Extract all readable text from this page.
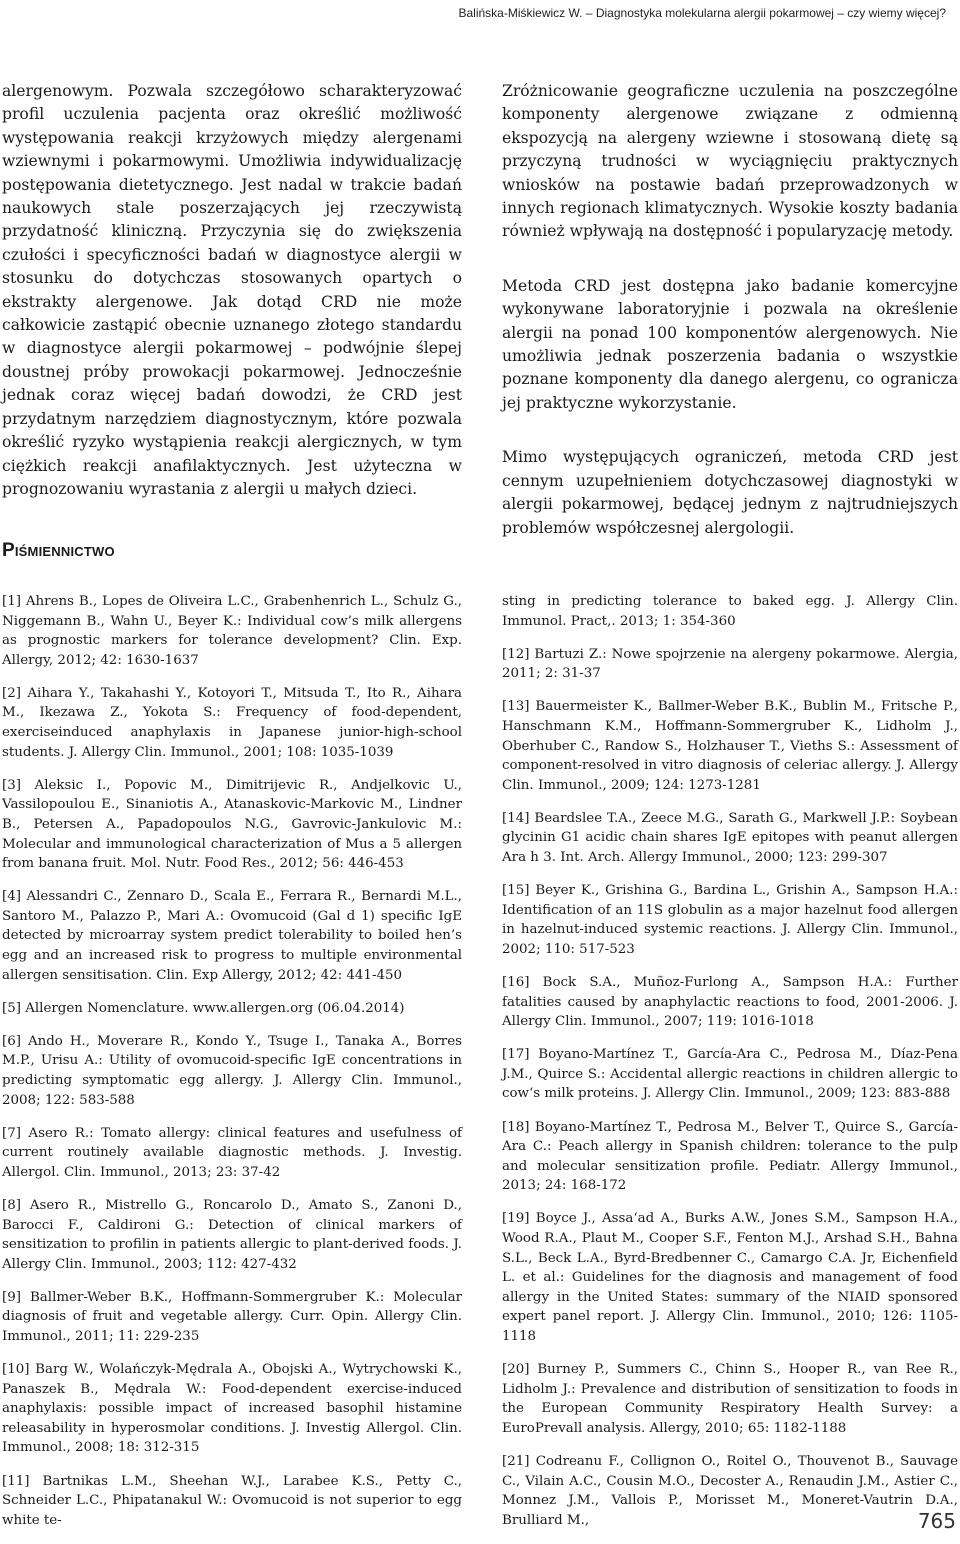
Balińska-Miśkiewicz W. – Diagnostyka molekularna alergii pokarmowej – czy wiemy więcej?

alergenowym. Pozwala szczegółowo scharakteryzować profil uczulenia pacjenta oraz określić możliwość występowania reakcji krzyżowych między alergenami wziewnymi i pokarmowymi. Umożliwia indywidualizację postępowania dietetycznego. Jest nadal w trakcie badań naukowych stale poszerzających jej rzeczywistą przydatność kliniczną. Przyczynia się do zwiększenia czułości i specyficzności badań w diagnostyce alergii w stosunku do dotychczas stosowanych opartych o ekstrakty alergenowe. Jak dotąd CRD nie może całkowicie zastąpić obecnie uznanego złotego standardu w diagnostyce alergii pokarmowej – podwójnie ślepej doustnej próby prowokacji pokarmowej. Jednocześnie jednak coraz więcej badań dowodzi, że CRD jest przydatnym narzędziem diagnostycznym, które pozwala określić ryzyko wystąpienia reakcji alergicznych, w tym ciężkich reakcji anafilaktycznych. Jest użyteczna w prognozowaniu wyrastania z alergii u małych dzieci.

Zróżnicowanie geograficzne uczulenia na poszczególne komponenty alergenowe związane z odmienną ekspozycją na alergeny wziewne i stosowaną dietę są przyczyną trudności w wyciągnięciu praktycznych wniosków na postawie badań przeprowadzonych w innych regionach klimatycznych. Wysokie koszty badania również wpływają na dostępność i popularyzację metody.

Metoda CRD jest dostępna jako badanie komercyjne wykonywane laboratoryjnie i pozwala na określenie alergii na ponad 100 komponentów alergenowych. Nie umożliwia jednak poszerzenia badania o wszystkie poznane komponenty dla danego alergenu, co ogranicza jej praktyczne wykorzystanie.

Mimo występujących ograniczeń, metoda CRD jest cennym uzupełnieniem dotychczasowej diagnostyki w alergii pokarmowej, będącej jednym z najtrudniejszych problemów współczesnej alergologii.

Piśmiennictwo
[1] Ahrens B., Lopes de Oliveira L.C., Grabenhenrich L., Schulz G., Niggemann B., Wahn U., Beyer K.: Individual cow’s milk allergens as prognostic markers for tolerance development? Clin. Exp. Allergy, 2012; 42: 1630-1637
[2] Aihara Y., Takahashi Y., Kotoyori T., Mitsuda T., Ito R., Aihara M., Ikezawa Z., Yokota S.: Frequency of food-dependent, exerciseinduced anaphylaxis in Japanese junior-high-school students. J. Allergy Clin. Immunol., 2001; 108: 1035-1039
[3] Aleksic I., Popovic M., Dimitrijevic R., Andjelkovic U., Vassilopoulou E., Sinaniotis A., Atanaskovic-Markovic M., Lindner B., Petersen A., Papadopoulos N.G., Gavrovic-Jankulovic M.: Molecular and immunological characterization of Mus a 5 allergen from banana fruit. Mol. Nutr. Food Res., 2012; 56: 446-453
[4] Alessandri C., Zennaro D., Scala E., Ferrara R., Bernardi M.L., Santoro M., Palazzo P., Mari A.: Ovomucoid (Gal d 1) specific IgE detected by microarray system predict tolerability to boiled hen’s egg and an increased risk to progress to multiple environmental allergen sensitisation. Clin. Exp Allergy, 2012; 42: 441-450
[5] Allergen Nomenclature. www.allergen.org (06.04.2014)
[6] Ando H., Moverare R., Kondo Y., Tsuge I., Tanaka A., Borres M.P., Urisu A.: Utility of ovomucoid-specific IgE concentrations in predicting symptomatic egg allergy. J. Allergy Clin. Immunol., 2008; 122: 583-588
[7] Asero R.: Tomato allergy: clinical features and usefulness of current routinely available diagnostic methods. J. Investig. Allergol. Clin. Immunol., 2013; 23: 37-42
[8] Asero R., Mistrello G., Roncarolo D., Amato S., Zanoni D., Barocci F., Caldironi G.: Detection of clinical markers of sensitization to profilin in patients allergic to plant-derived foods. J. Allergy Clin. Immunol., 2003; 112: 427-432
[9] Ballmer-Weber B.K., Hoffmann-Sommergruber K.: Molecular diagnosis of fruit and vegetable allergy. Curr. Opin. Allergy Clin. Immunol., 2011; 11: 229-235
[10] Barg W., Wolańczyk-Mędrala A., Obojski A., Wytrychowski K., Panaszek B., Mędrala W.: Food-dependent exercise-induced anaphylaxis: possible impact of increased basophil histamine releasability in hyperosmolar conditions. J. Investig Allergol. Clin. Immunol., 2008; 18: 312-315
[11] Bartnikas L.M., Sheehan W.J., Larabee K.S., Petty C., Schneider L.C., Phipatanakul W.: Ovomucoid is not superior to egg white te-
sting in predicting tolerance to baked egg. J. Allergy Clin. Immunol. Pract,. 2013; 1: 354-360
[12] Bartuzi Z.: Nowe spojrzenie na alergeny pokarmowe. Alergia, 2011; 2: 31-37
[13] Bauermeister K., Ballmer-Weber B.K., Bublin M., Fritsche P., Hanschmann K.M., Hoffmann-Sommergruber K., Lidholm J., Oberhuber C., Randow S., Holzhauser T., Vieths S.: Assessment of component-resolved in vitro diagnosis of celeriac allergy. J. Allergy Clin. Immunol., 2009; 124: 1273-1281
[14] Beardslee T.A., Zeece M.G., Sarath G., Markwell J.P.: Soybean glycinin G1 acidic chain shares IgE epitopes with peanut allergen Ara h 3. Int. Arch. Allergy Immunol., 2000; 123: 299-307
[15] Beyer K., Grishina G., Bardina L., Grishin A., Sampson H.A.: Identification of an 11S globulin as a major hazelnut food allergen in hazelnut-induced systemic reactions. J. Allergy Clin. Immunol., 2002; 110: 517-523
[16] Bock S.A., Muñoz-Furlong A., Sampson H.A.: Further fatalities caused by anaphylactic reactions to food, 2001-2006. J. Allergy Clin. Immunol., 2007; 119: 1016-1018
[17] Boyano-Martínez T., García-Ara C., Pedrosa M., Díaz-Pena J.M., Quirce S.: Accidental allergic reactions in children allergic to cow‘s milk proteins. J. Allergy Clin. Immunol., 2009; 123: 883-888
[18] Boyano-Martínez T., Pedrosa M., Belver T., Quirce S., García-Ara C.: Peach allergy in Spanish children: tolerance to the pulp and molecular sensitization profile. Pediatr. Allergy Immunol., 2013; 24: 168-172
[19] Boyce J., Assa‘ad A., Burks A.W., Jones S.M., Sampson H.A., Wood R.A., Plaut M., Cooper S.F., Fenton M.J., Arshad S.H., Bahna S.L., Beck L.A., Byrd-Bredbenner C., Camargo C.A. Jr, Eichenfield L. et al.: Guidelines for the diagnosis and management of food allergy in the United States: summary of the NIAID sponsored expert panel report. J. Allergy Clin. Immunol., 2010; 126: 1105-1118
[20] Burney P., Summers C., Chinn S., Hooper R., van Ree R., Lidholm J.: Prevalence and distribution of sensitization to foods in the European Community Respiratory Health Survey: a EuroPrevall analysis. Allergy, 2010; 65: 1182-1188
[21] Codreanu F., Collignon O., Roitel O., Thouvenot B., Sauvage C., Vilain A.C., Cousin M.O., Decoster A., Renaudin J.M., Astier C., Monnez J.M., Vallois P., Morisset M., Moneret-Vautrin D.A., Brulliard M.,	765
